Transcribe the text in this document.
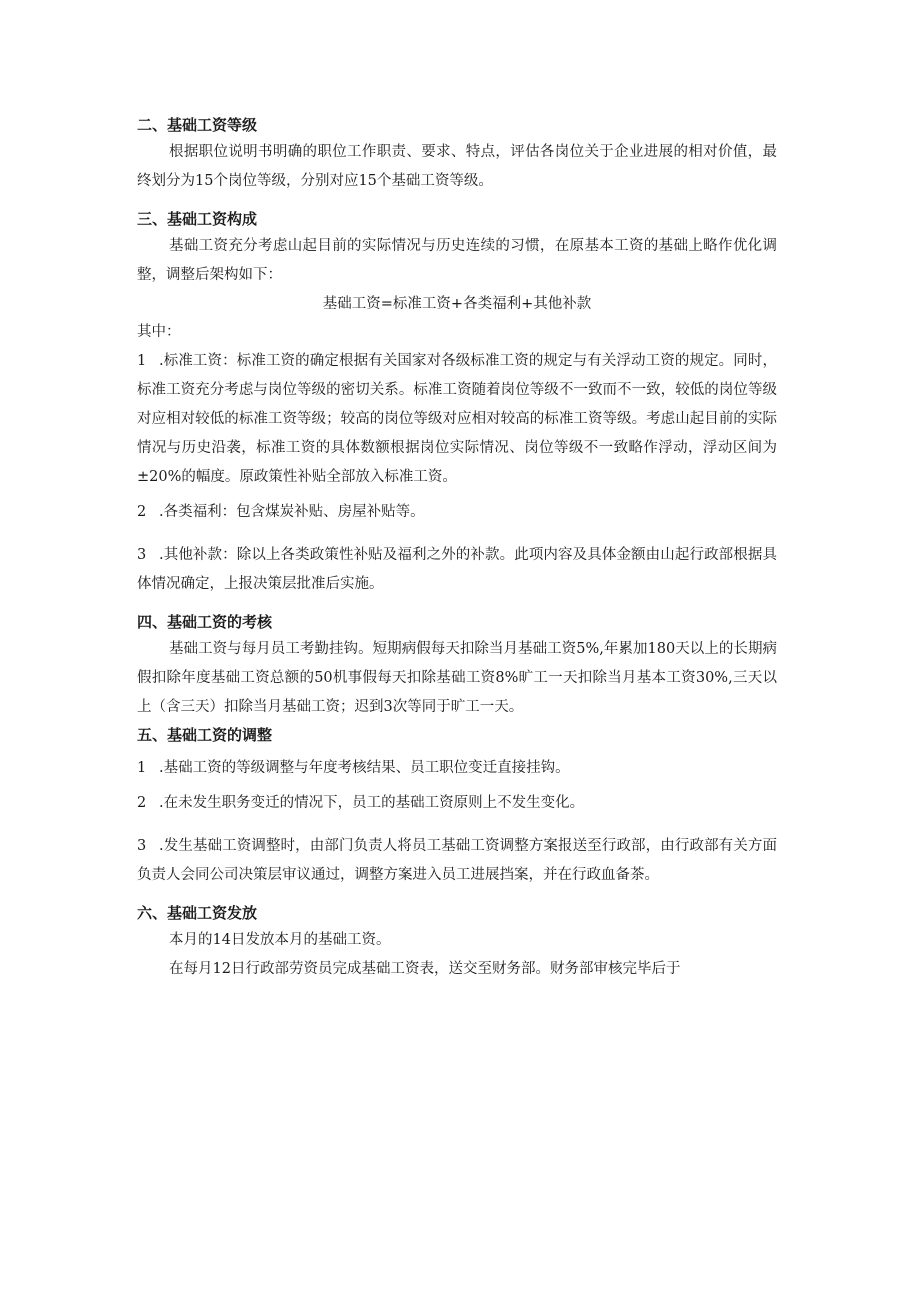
二、基础工资等级

根据职位说明书明确的职位工作职责、要求、特点，评估各岗位关于企业进展的相对价值，最终划分为15个岗位等级，分别对应15个基础工资等级。

三、基础工资构成

基础工资充分考虑山起目前的实际情况与历史连续的习惯，在原基本工资的基础上略作优化调整，调整后架构如下：

基础工资=标准工资+各类福利+其他补款

其中：

1 .标准工资：标准工资的确定根据有关国家对各级标准工资的规定与有关浮动工资的规定。同时，标准工资充分考虑与岗位等级的密切关系。标准工资随着岗位等级不一致而不一致，较低的岗位等级对应相对较低的标准工资等级；较高的岗位等级对应相对较高的标准工资等级。考虑山起目前的实际情况与历史沿袭，标准工资的具体数额根据岗位实际情况、岗位等级不一致略作浮动，浮动区间为±20%的幅度。原政策性补贴全部放入标准工资。

2 .各类福利：包含煤炭补贴、房屋补贴等。

3 .其他补款：除以上各类政策性补贴及福利之外的补款。此项内容及具体金额由山起行政部根据具体情况确定，上报决策层批准后实施。

四、基础工资的考核

基础工资与每月员工考勤挂钩。短期病假每天扣除当月基础工资5%,年累加180天以上的长期病假扣除年度基础工资总额的50机事假每天扣除基础工资8%旷工一天扣除当月基本工资30%,三天以上（含三天）扣除当月基础工资；迟到3次等同于旷工一天。

五、基础工资的调整

1 .基础工资的等级调整与年度考核结果、员工职位变迁直接挂钩。

2 .在未发生职务变迁的情况下，员工的基础工资原则上不发生变化。

3 .发生基础工资调整时，由部门负责人将员工基础工资调整方案报送至行政部，由行政部有关方面负责人会同公司决策层审议通过，调整方案进入员工进展挡案，并在行政血备茶。

六、基础工资发放

本月的14日发放本月的基础工资。

在每月12日行政部劳资员完成基础工资表，送交至财务部。财务部审核完毕后于
